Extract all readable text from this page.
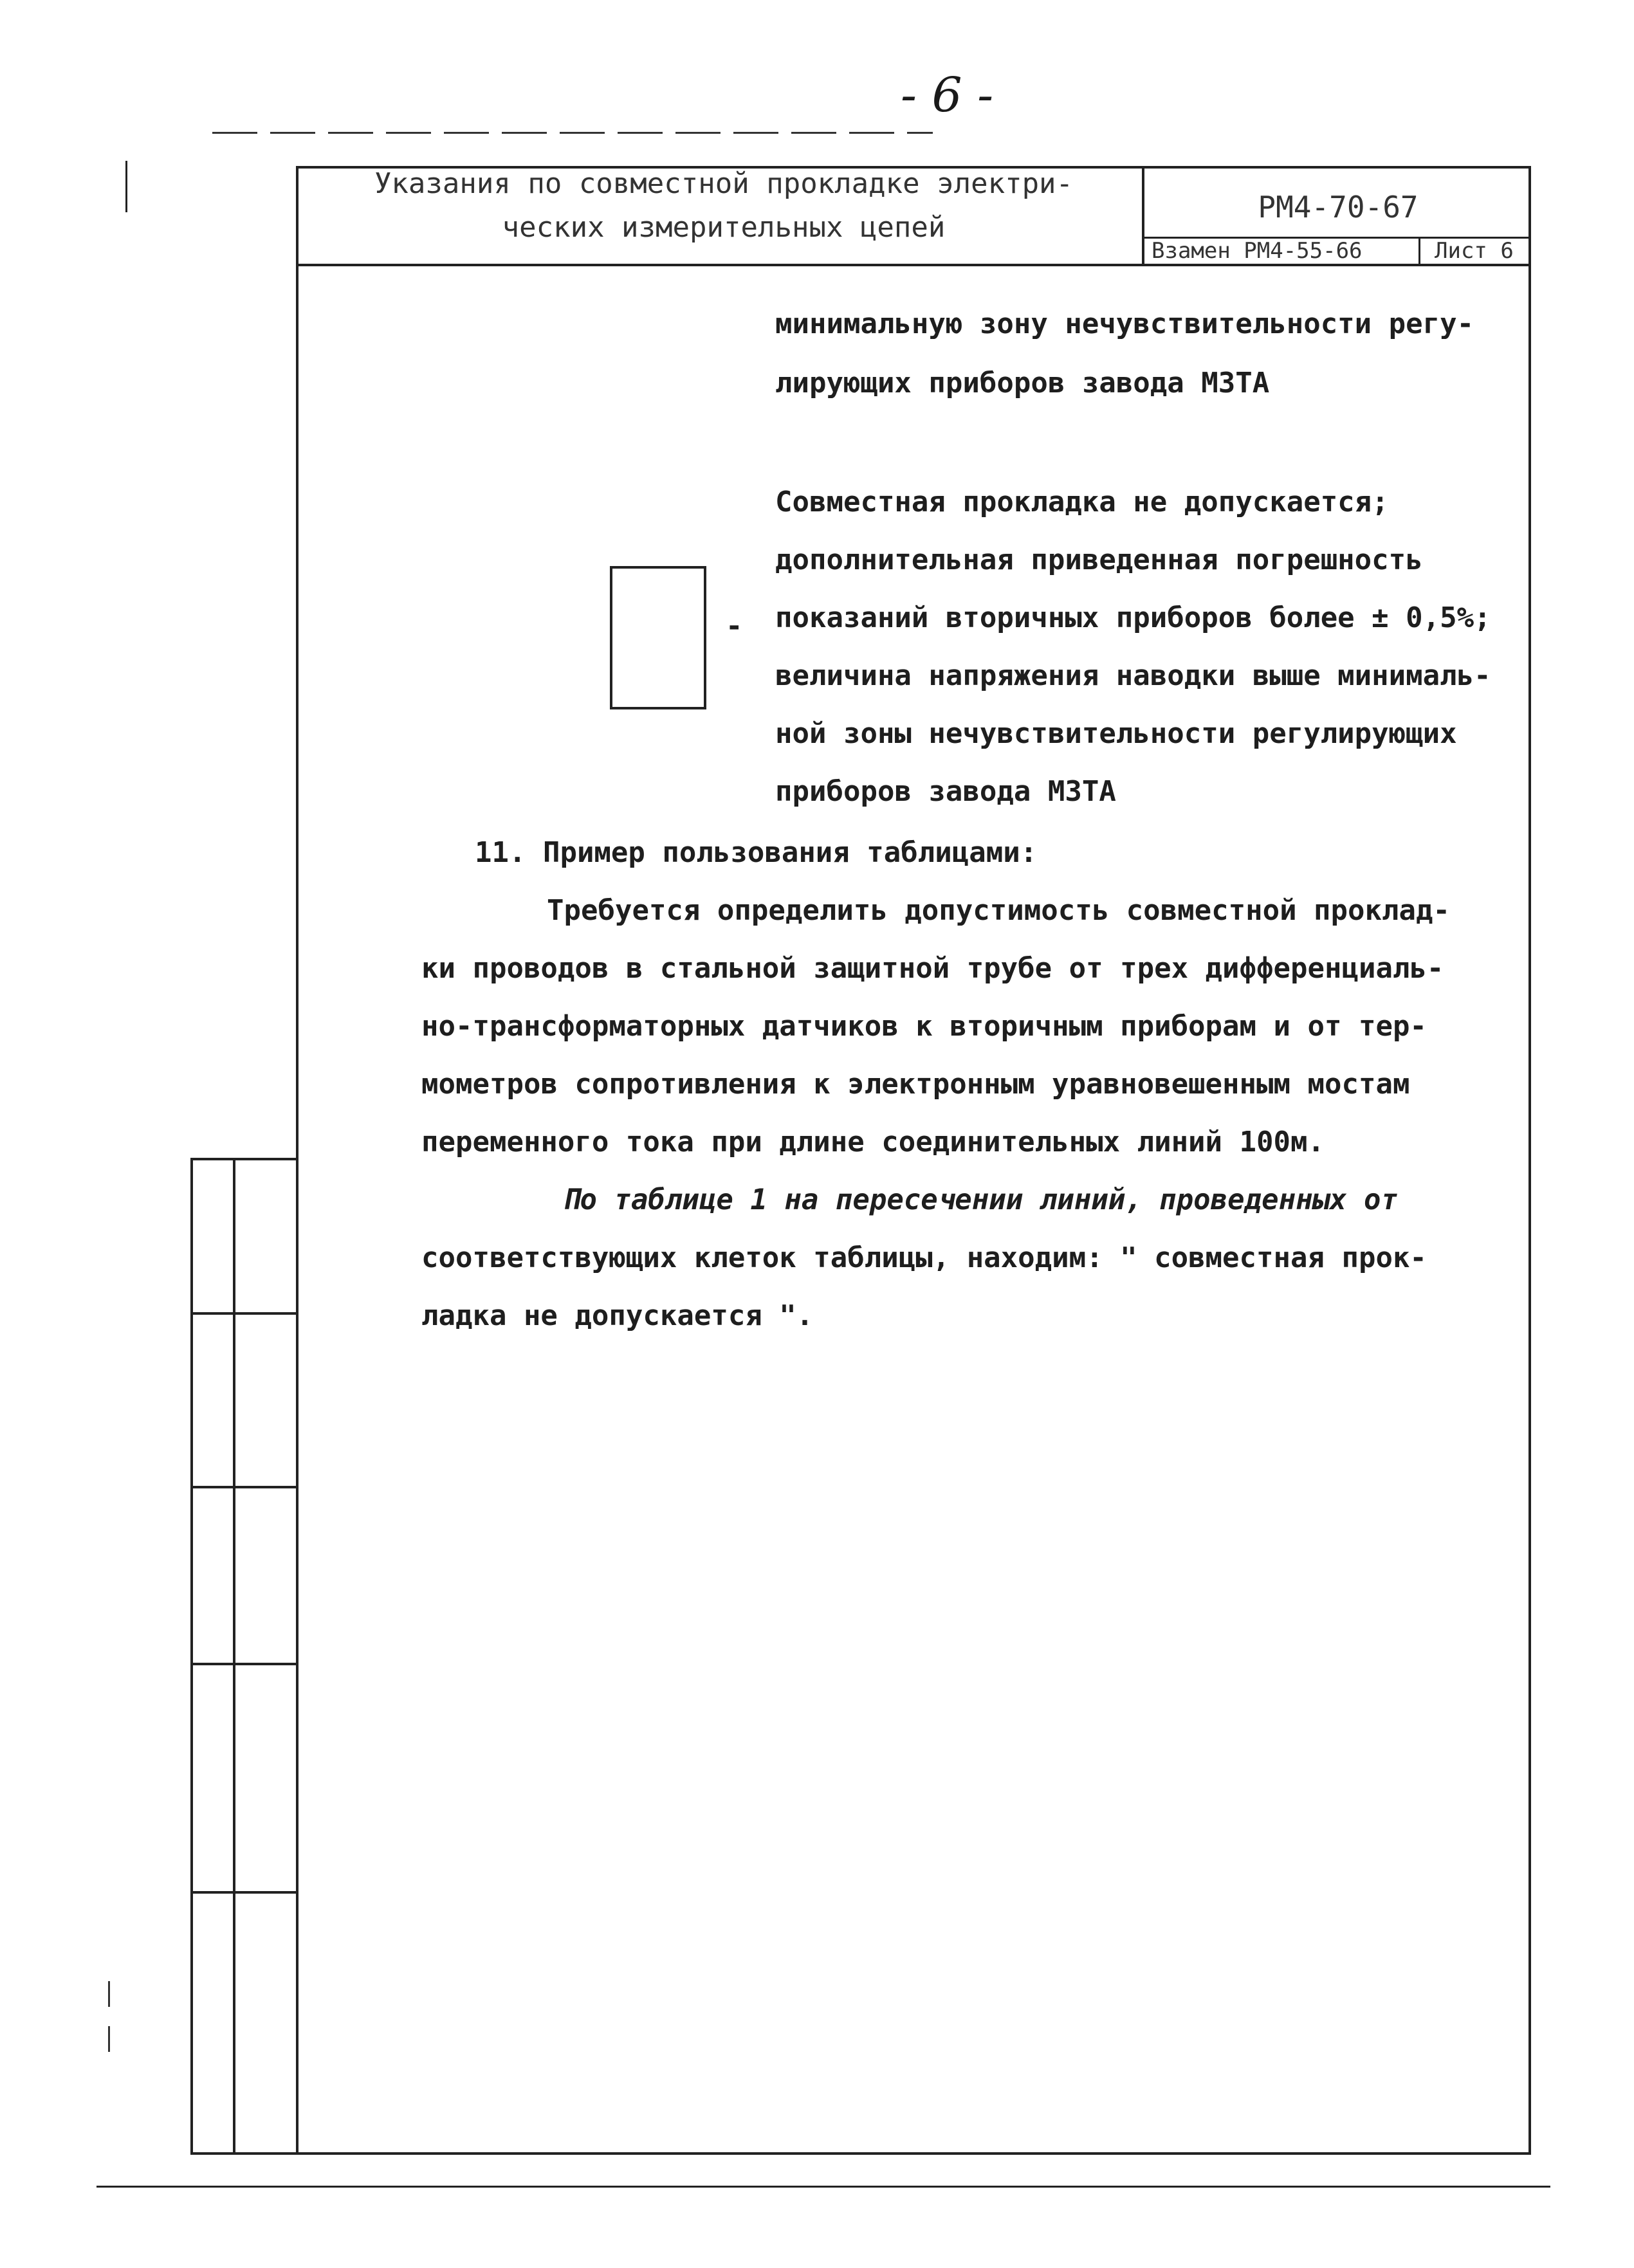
- 6 -
Указания по совместной прокладке электри-
ческих измерительных цепей
РМ4-70-67
Взамен РМ4-55-66	Лист 6
минимальную зону нечувствительности регу-
лирующих приборов завода МЗТА
-
Совместная прокладка не допускается;
дополнительная приведенная погрешность
показаний вторичных приборов более ± 0,5%;
величина напряжения наводки выше минималь-
ной зоны нечувствительности регулирующих
приборов завода МЗТА
11. Пример пользования таблицами:
Требуется определить допустимость совместной проклад-
ки проводов в стальной защитной трубе от трех дифференциаль-
но-трансформаторных датчиков к вторичным приборам и от тер-
мометров сопротивления к электронным уравновешенным мостам
переменного тока при длине соединительных линий 100м.
По таблице 1 на пересечении линий, проведенных от
соответствующих клеток таблицы, находим: " совместная прок-
ладка не допускается ".
